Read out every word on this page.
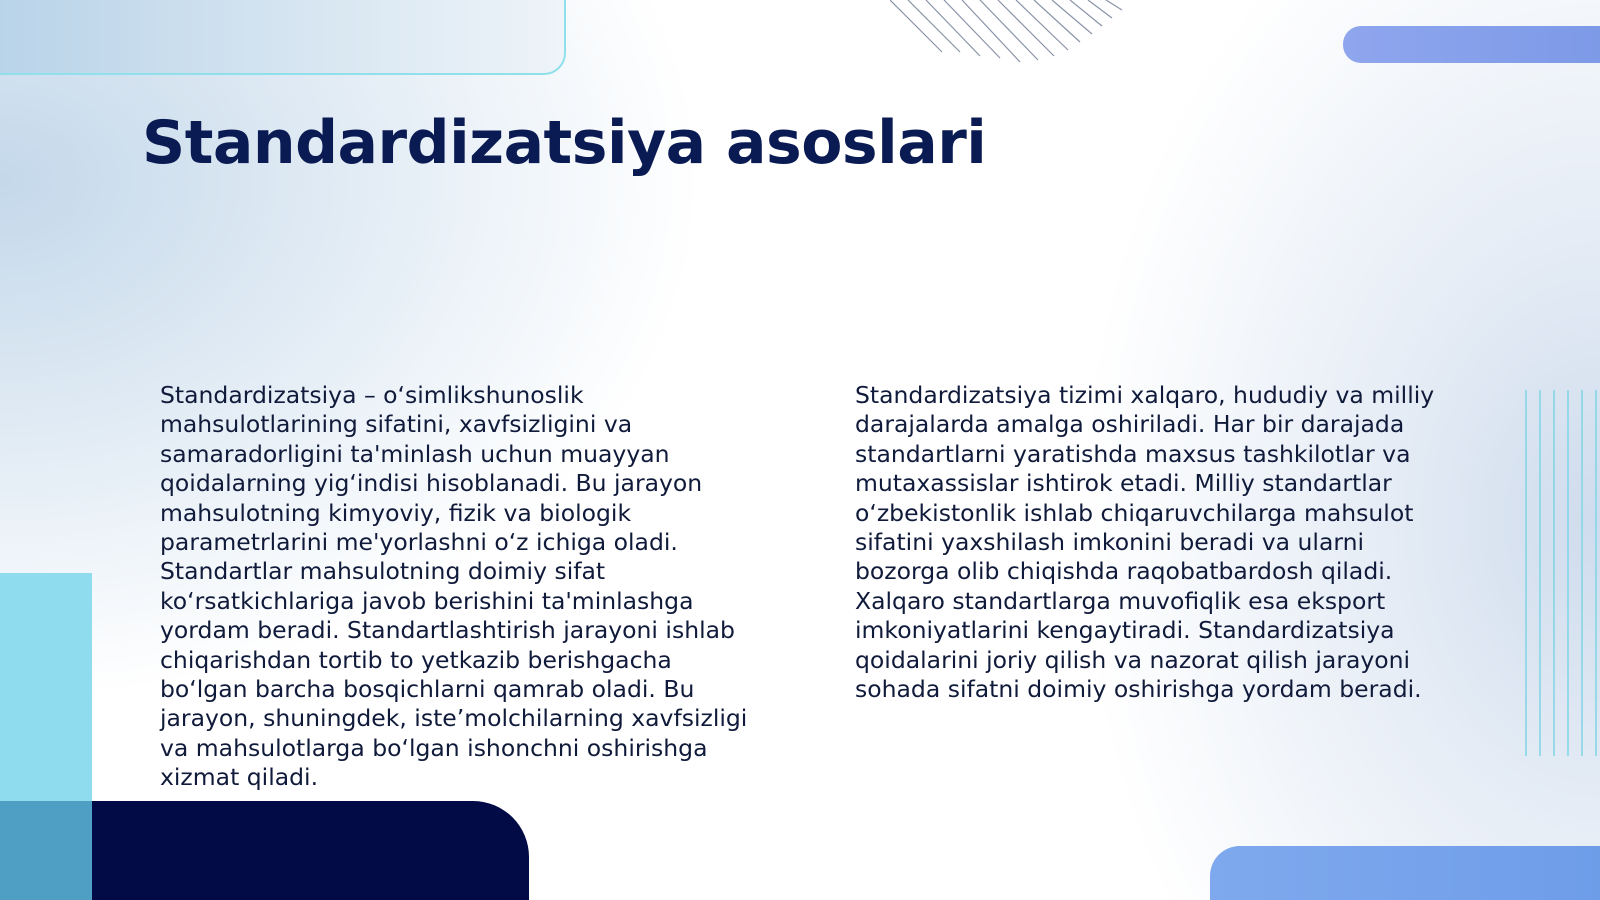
Standardizatsiya asoslari

Standardizatsiya – o‘simlikshunoslik mahsulotlarining sifatini, xavfsizligini va samaradorligini ta'minlash uchun muayyan qoidalarning yig‘indisi hisoblanadi. Bu jarayon mahsulotning kimyoviy, fizik va biologik parametrlarini me'yorlashni o‘z ichiga oladi. Standartlar mahsulotning doimiy sifat ko‘rsatkichlariga javob berishini ta'minlashga yordam beradi. Standartlashtirish jarayoni ishlab chiqarishdan tortib to yetkazib berishgacha bo‘lgan barcha bosqichlarni qamrab oladi. Bu jarayon, shuningdek, iste’molchilarning xavfsizligi va mahsulotlarga bo‘lgan ishonchni oshirishga xizmat qiladi.

Standardizatsiya tizimi xalqaro, hududiy va milliy darajalarda amalga oshiriladi. Har bir darajada standartlarni yaratishda maxsus tashkilotlar va mutaxassislar ishtirok etadi. Milliy standartlar o‘zbekistonlik ishlab chiqaruvchilarga mahsulot sifatini yaxshilash imkonini beradi va ularni bozorga olib chiqishda raqobatbardosh qiladi. Xalqaro standartlarga muvofiqlik esa eksport imkoniyatlarini kengaytiradi. Standardizatsiya qoidalarini joriy qilish va nazorat qilish jarayoni sohada sifatni doimiy oshirishga yordam beradi.
